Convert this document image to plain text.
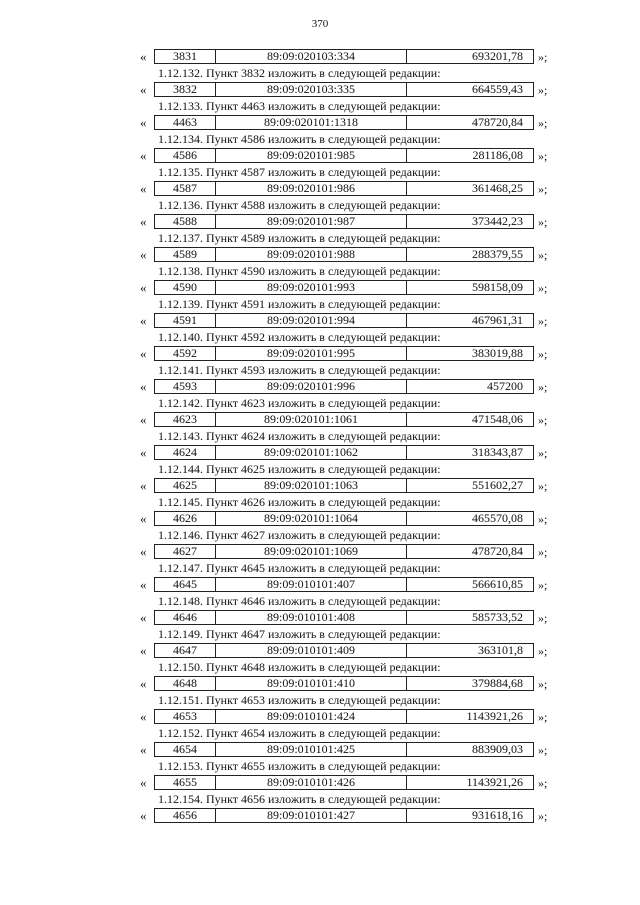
370
«	3831	89:09:020103:334	693201,78	»;
1.12.132. Пункт 3832 изложить в следующей редакции:
«	3832	89:09:020103:335	664559,43	»;
1.12.133. Пункт 4463 изложить в следующей редакции:
«	4463	89:09:020101:1318	478720,84	»;
1.12.134. Пункт 4586 изложить в следующей редакции:
«	4586	89:09:020101:985	281186,08	»;
1.12.135. Пункт 4587 изложить в следующей редакции:
«	4587	89:09:020101:986	361468,25	»;
1.12.136. Пункт 4588 изложить в следующей редакции:
«	4588	89:09:020101:987	373442,23	»;
1.12.137. Пункт 4589 изложить в следующей редакции:
«	4589	89:09:020101:988	288379,55	»;
1.12.138. Пункт 4590 изложить в следующей редакции:
«	4590	89:09:020101:993	598158,09	»;
1.12.139. Пункт 4591 изложить в следующей редакции:
«	4591	89:09:020101:994	467961,31	»;
1.12.140. Пункт 4592 изложить в следующей редакции:
«	4592	89:09:020101:995	383019,88	»;
1.12.141. Пункт 4593 изложить в следующей редакции:
«	4593	89:09:020101:996	457200	»;
1.12.142. Пункт 4623 изложить в следующей редакции:
«	4623	89:09:020101:1061	471548,06	»;
1.12.143. Пункт 4624 изложить в следующей редакции:
«	4624	89:09:020101:1062	318343,87	»;
1.12.144. Пункт 4625 изложить в следующей редакции:
«	4625	89:09:020101:1063	551602,27	»;
1.12.145. Пункт 4626 изложить в следующей редакции:
«	4626	89:09:020101:1064	465570,08	»;
1.12.146. Пункт 4627 изложить в следующей редакции:
«	4627	89:09:020101:1069	478720,84	»;
1.12.147. Пункт 4645 изложить в следующей редакции:
«	4645	89:09:010101:407	566610,85	»;
1.12.148. Пункт 4646 изложить в следующей редакции:
«	4646	89:09:010101:408	585733,52	»;
1.12.149. Пункт 4647 изложить в следующей редакции:
«	4647	89:09:010101:409	363101,8	»;
1.12.150. Пункт 4648 изложить в следующей редакции:
«	4648	89:09:010101:410	379884,68	»;
1.12.151. Пункт 4653 изложить в следующей редакции:
«	4653	89:09:010101:424	1143921,26	»;
1.12.152. Пункт 4654 изложить в следующей редакции:
«	4654	89:09:010101:425	883909,03	»;
1.12.153. Пункт 4655 изложить в следующей редакции:
«	4655	89:09:010101:426	1143921,26	»;
1.12.154. Пункт 4656 изложить в следующей редакции:
«	4656	89:09:010101:427	931618,16	»;
